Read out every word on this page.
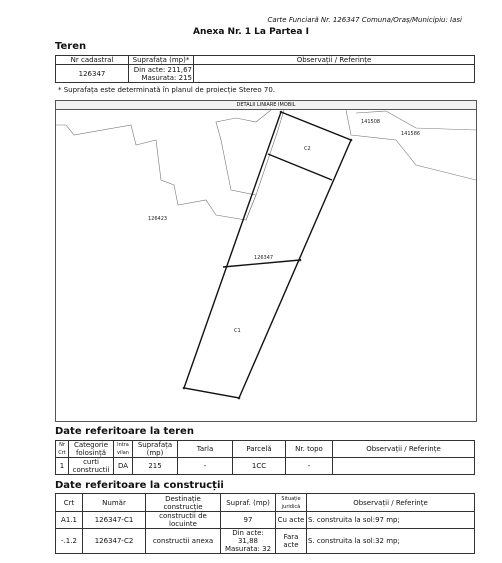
Carte Funciară Nr. 126347 Comuna/Oraș/Municipiu: Iasi
Anexa Nr. 1 La Partea I
Teren
Nr cadastral	Suprafața (mp)*	Observații / Referințe
126347	Din acte: 211,67
Masurata: 215	

* Suprafața este determinată în planul de proiecție Stereo 70.
DETALII LINIARE IMOBIL
C2
C1
126347
126423
141508
141586
Date referitoare la teren
Nr Crt	Categorie folosință	Intra vilan	Suprafața (mp)	Tarla	Parcelă	Nr. topo	Observații / Referințe
1	curti constructii	DA	215	-	1CC	-	
Date referitoare la construcții
Crt	Număr	Destinație construcție	Supraf. (mp)	Situație juridică	Observații / Referințe
A1.1	126347-C1	constructii de locuinte	97	Cu acte	S. construita la sol:97 mp;
-.1.2	126347-C2	constructii anexa	Din acte: 31,88 Masurata: 32	Fara acte	S. construita la sol:32 mp;
